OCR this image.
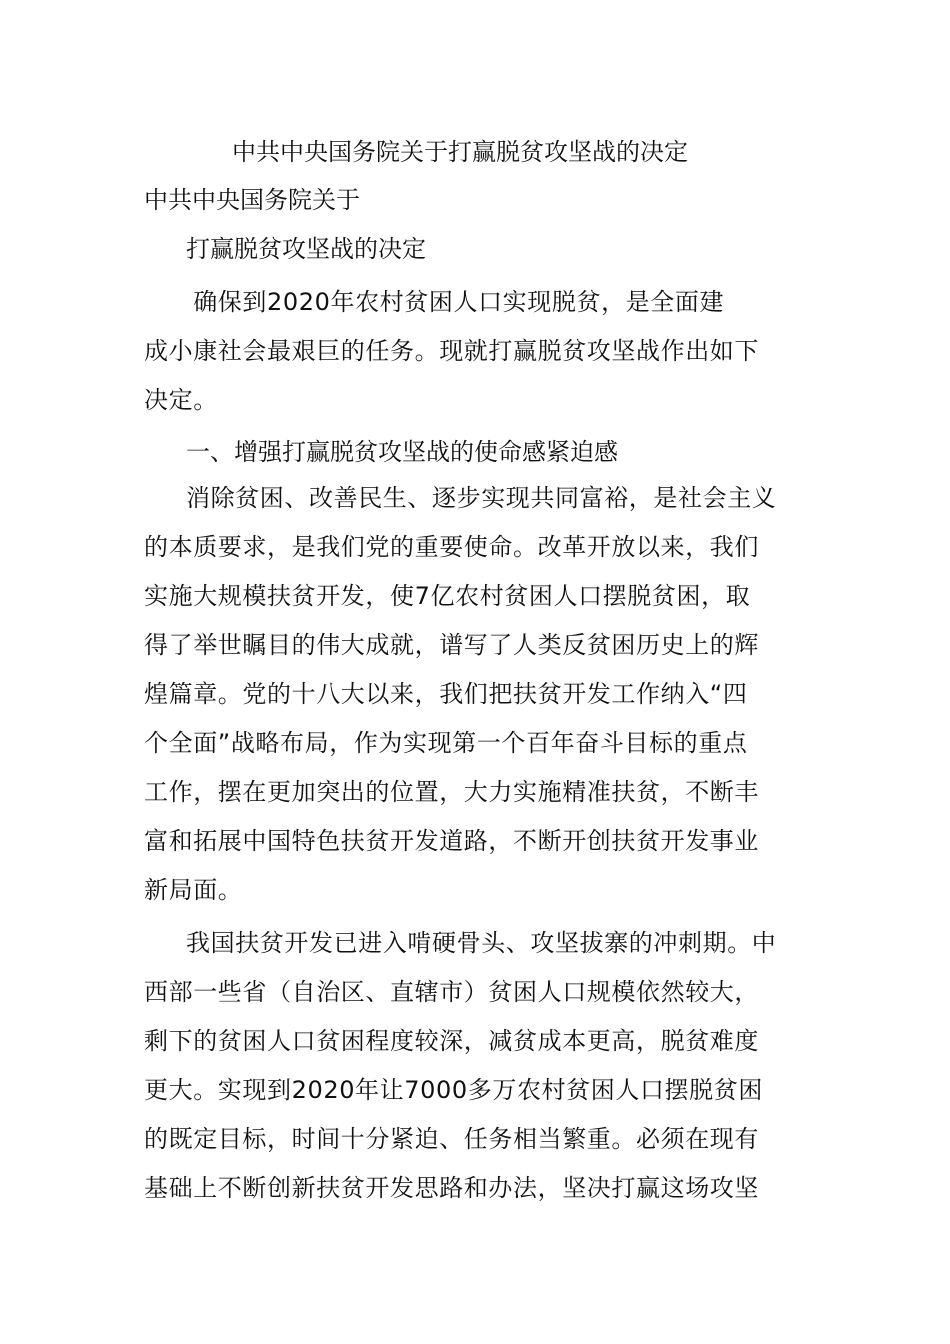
中共中央国务院关于打赢脱贫攻坚战的决定
中共中央国务院关于
打赢脱贫攻坚战的决定
　　确保到2020年农村贫困人口实现脱贫，是全面建
成小康社会最艰巨的任务。现就打赢脱贫攻坚战作出如下
决定。
一、增强打赢脱贫攻坚战的使命感紧迫感
消除贫困、改善民生、逐步实现共同富裕，是社会主义
的本质要求，是我们党的重要使命。改革开放以来，我们
实施大规模扶贫开发，使7亿农村贫困人口摆脱贫困，取
得了举世瞩目的伟大成就，谱写了人类反贫困历史上的辉
煌篇章。党的十八大以来，我们把扶贫开发工作纳入“四
个全面”战略布局，作为实现第一个百年奋斗目标的重点
工作，摆在更加突出的位置，大力实施精准扶贫，不断丰
富和拓展中国特色扶贫开发道路，不断开创扶贫开发事业
新局面。
我国扶贫开发已进入啃硬骨头、攻坚拔寨的冲刺期。中
西部一些省（自治区、直辖市）贫困人口规模依然较大，
剩下的贫困人口贫困程度较深，减贫成本更高，脱贫难度
更大。实现到2020年让7000多万农村贫困人口摆脱贫困
的既定目标，时间十分紧迫、任务相当繁重。必须在现有
基础上不断创新扶贫开发思路和办法，坚决打赢这场攻坚
